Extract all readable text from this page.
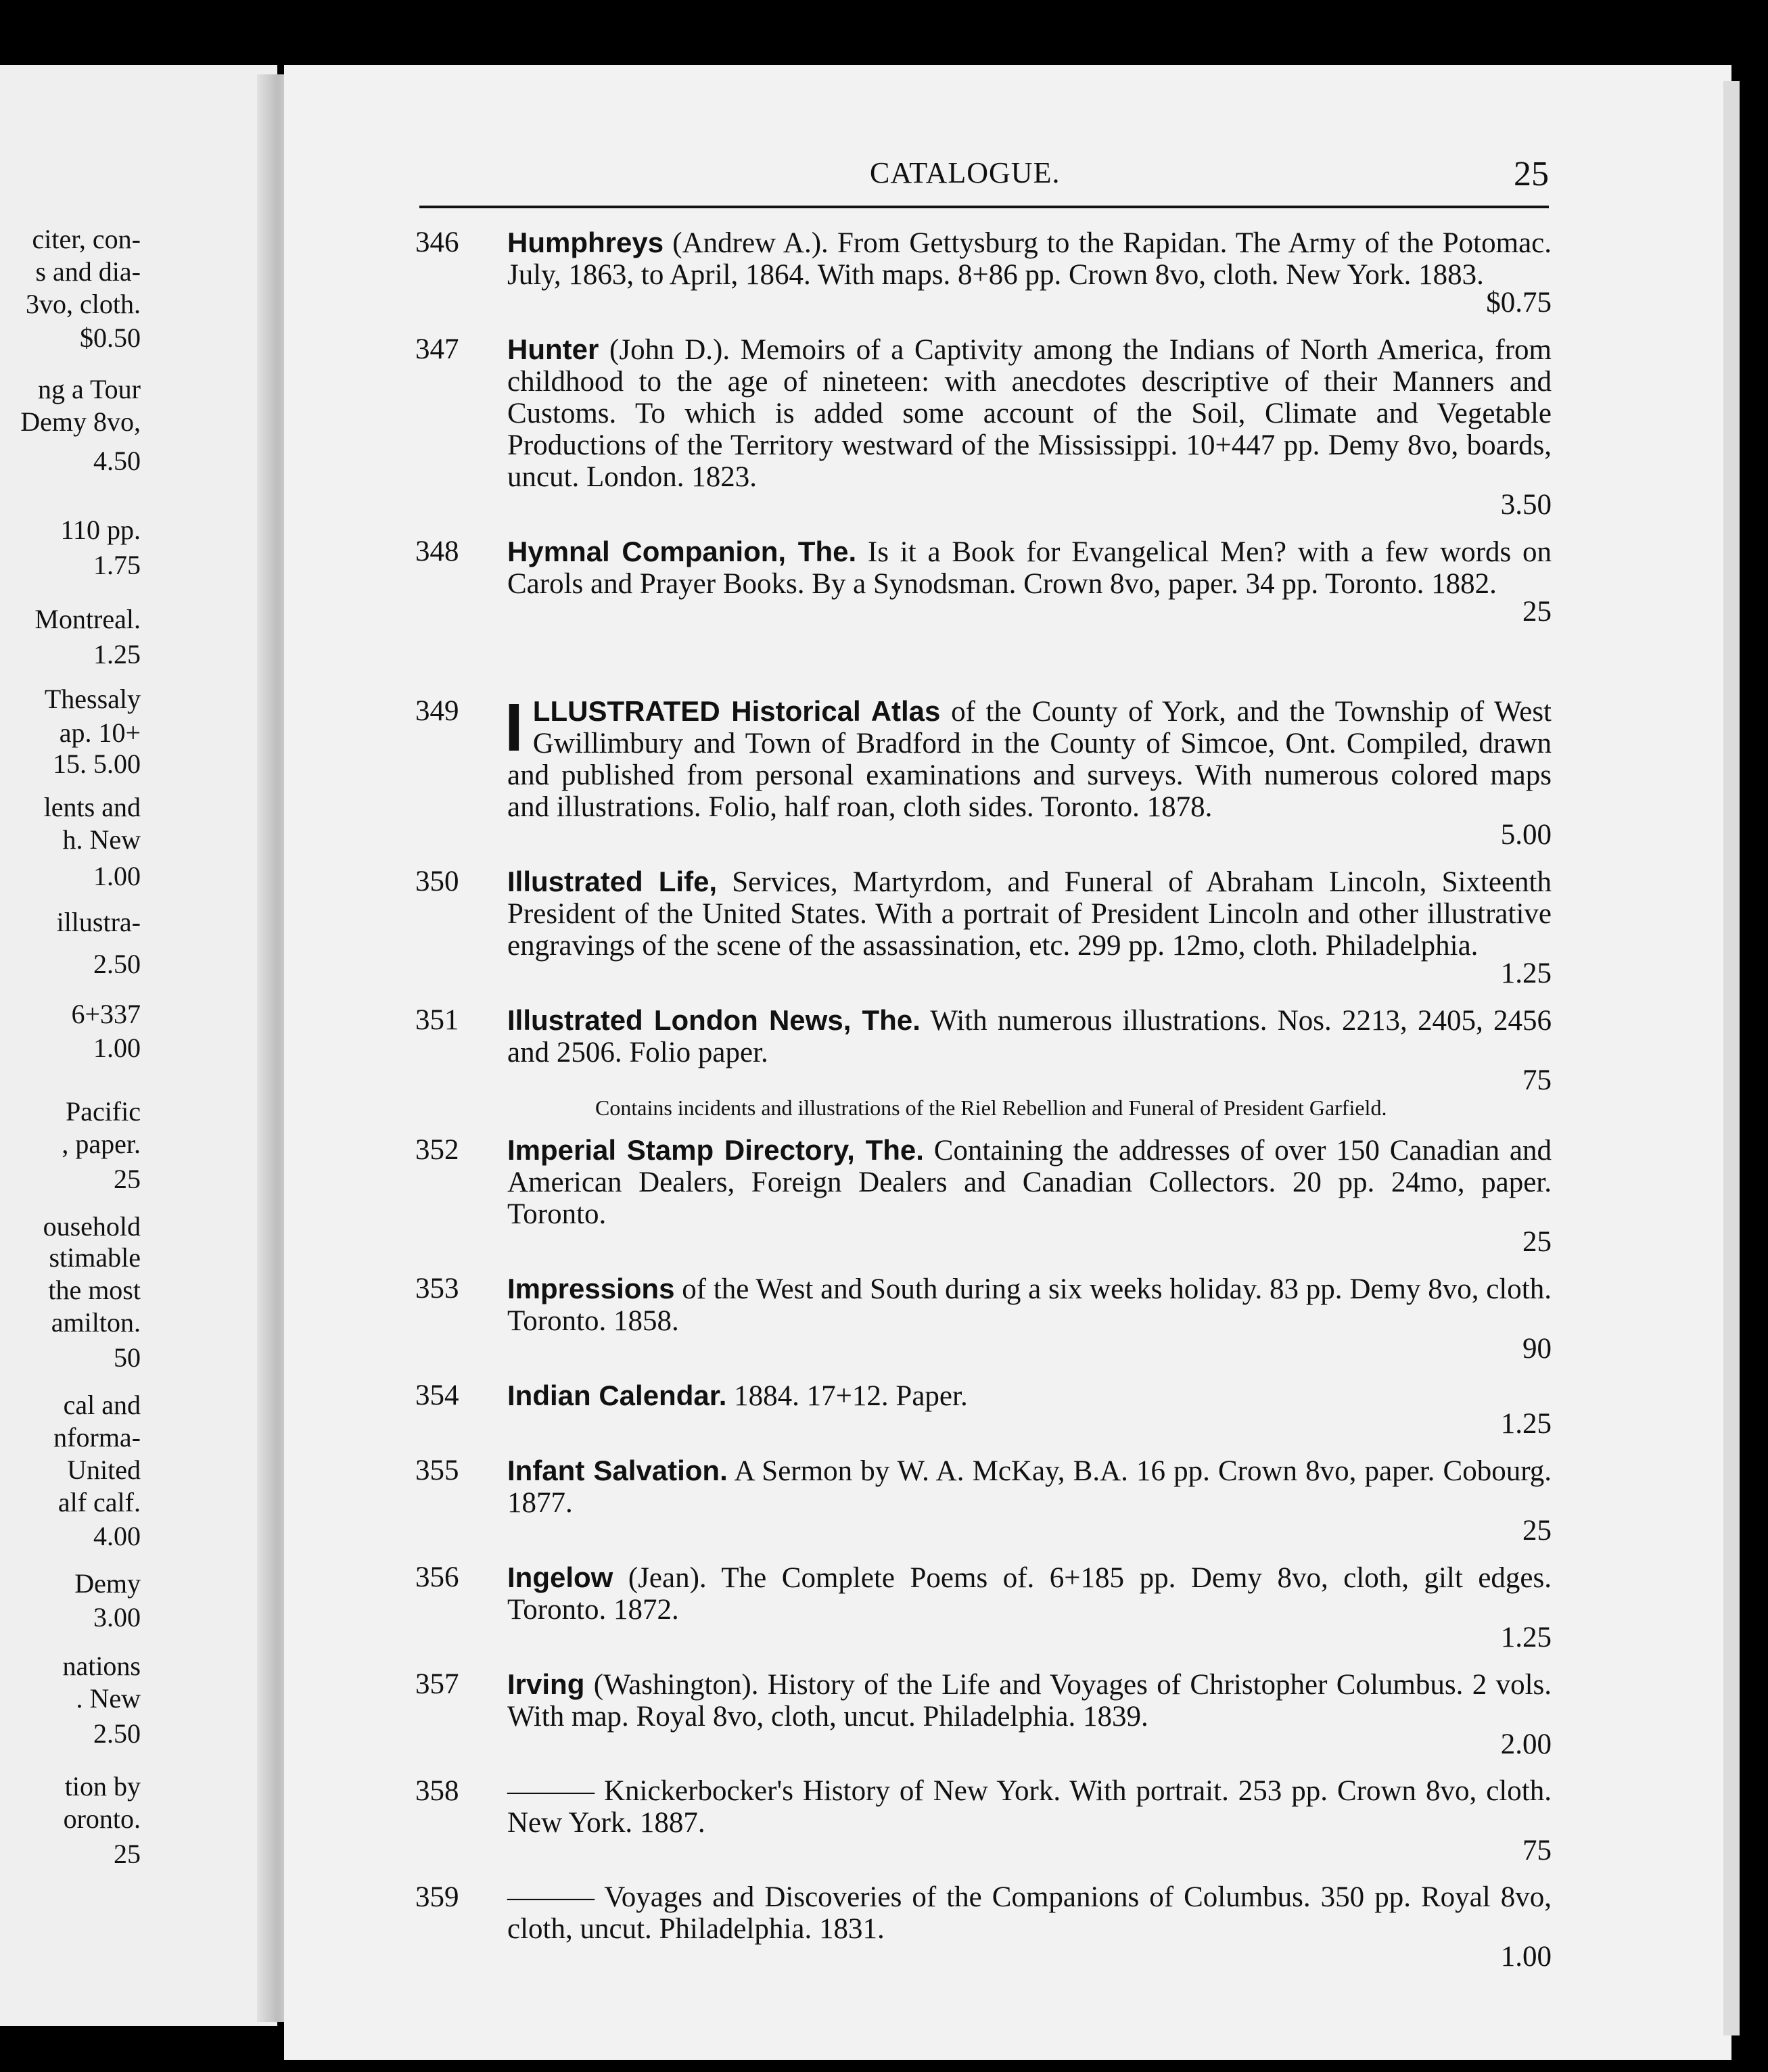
citer, con-
s and dia-
3vo, cloth.
$0.50
ng a Tour
Demy 8vo,
4.50
110 pp.
1.75
Montreal.
1.25
Thessaly
ap. 10+
15. 5.00
lents and
h. New
1.00
illustra-
2.50
6+337
1.00
Pacific
, paper.
25
ousehold
stimable
the most
amilton.
50
cal and
nforma-
United
alf calf.
4.00
Demy
3.00
nations
. New
2.50
tion by
oronto.
25
CATALOGUE.	25
346 Humphreys (Andrew A.). From Gettysburg to the Rapidan. The Army of the Potomac. July, 1863, to April, 1864. With maps. 8+86 pp. Crown 8vo, cloth. New York. 1883.
$0.75
347 Hunter (John D.). Memoirs of a Captivity among the Indians of North America, from childhood to the age of nineteen: with anecdotes descriptive of their Manners and Customs. To which is added some account of the Soil, Climate and Vegetable Productions of the Territory westward of the Mississippi. 10+447 pp. Demy 8vo, boards, uncut. London. 1823.
3.50
348 Hymnal Companion, The. Is it a Book for Evangelical Men? with a few words on Carols and Prayer Books. By a Synodsman. Crown 8vo, paper. 34 pp. Toronto. 1882.
25
349 ILLUSTRATED Historical Atlas of the County of York, and the Township of West Gwillimbury and Town of Bradford in the County of Simcoe, Ont. Compiled, drawn and published from personal examinations and surveys. With numerous colored maps and illustrations. Folio, half roan, cloth sides. Toronto. 1878.
5.00
350 Illustrated Life, Services, Martyrdom, and Funeral of Abraham Lincoln, Sixteenth President of the United States. With a portrait of President Lincoln and other illustrative engravings of the scene of the assassination, etc. 299 pp. 12mo, cloth. Philadelphia.
1.25
351 Illustrated London News, The. With numerous illustrations. Nos. 2213, 2405, 2456 and 2506. Folio paper.
75
Contains incidents and illustrations of the Riel Rebellion and Funeral of President Garfield.
352 Imperial Stamp Directory, The. Containing the addresses of over 150 Canadian and American Dealers, Foreign Dealers and Canadian Collectors. 20 pp. 24mo, paper. Toronto.
25
353 Impressions of the West and South during a six weeks holiday. 83 pp. Demy 8vo, cloth. Toronto. 1858.
90
354 Indian Calendar. 1884. 17+12. Paper.
1.25
355 Infant Salvation. A Sermon by W. A. McKay, B.A. 16 pp. Crown 8vo, paper. Cobourg. 1877.
25
356 Ingelow (Jean). The Complete Poems of. 6+185 pp. Demy 8vo, cloth, gilt edges. Toronto. 1872.
1.25
357 Irving (Washington). History of the Life and Voyages of Christopher Columbus. 2 vols. With map. Royal 8vo, cloth, uncut. Philadelphia. 1839.
2.00
358 ——— Knickerbocker's History of New York. With portrait. 253 pp. Crown 8vo, cloth. New York. 1887.
75
359 ——— Voyages and Discoveries of the Companions of Columbus. 350 pp. Royal 8vo, cloth, uncut. Philadelphia. 1831.
1.00
